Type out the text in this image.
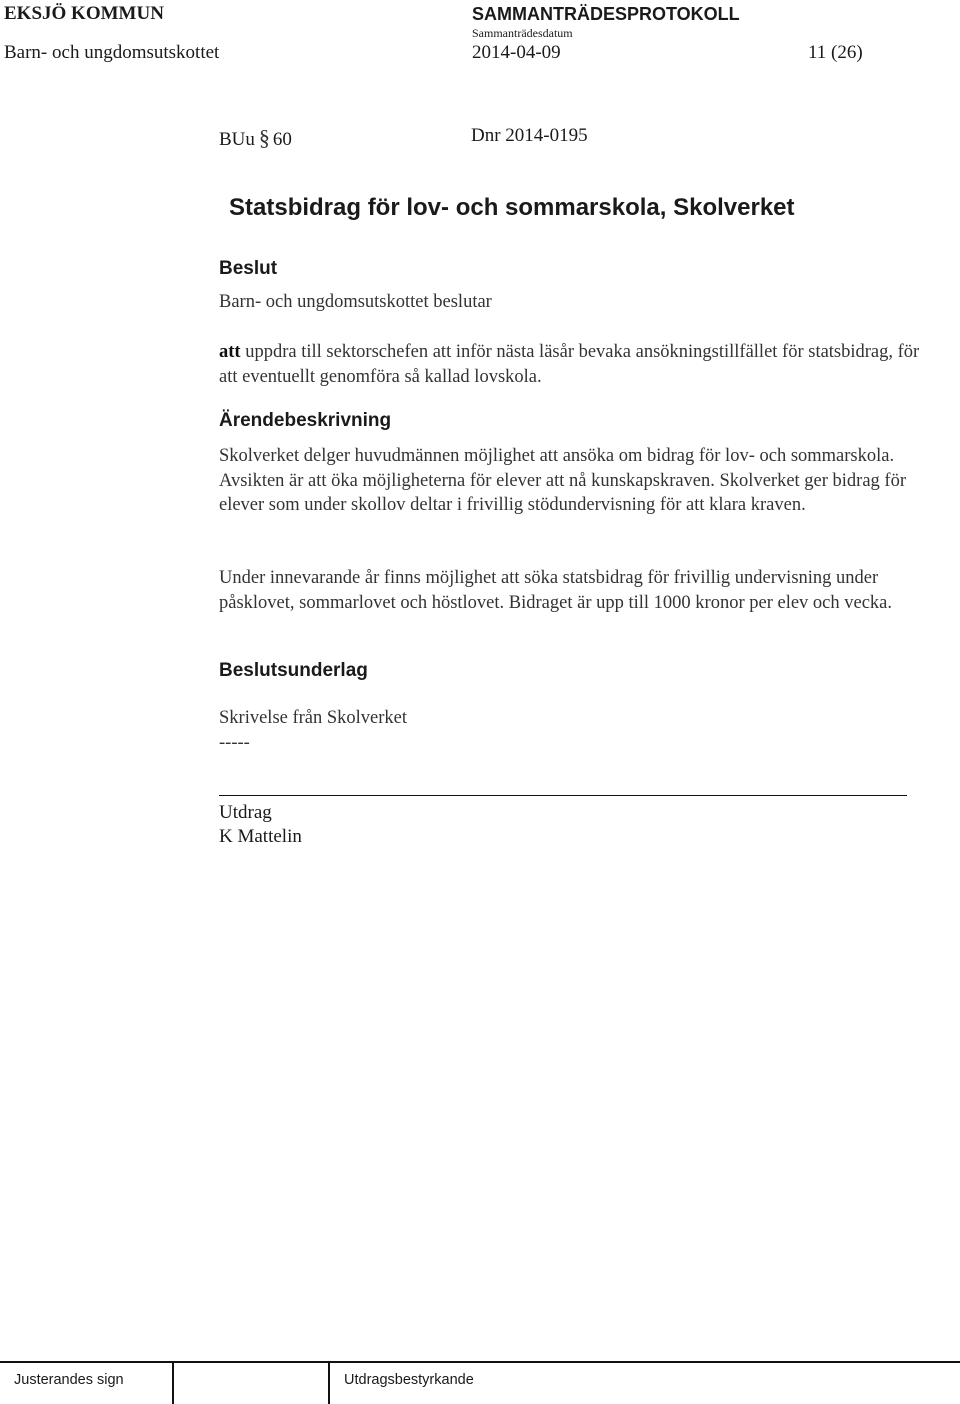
EKSJÖ KOMMUN	SAMMANTRÄDESPROTOKOLL
Sammanträdesdatum
Barn- och ungdomsutskottet	2014-04-09	11 (26)
BUu § 60	Dnr 2014-0195
Statsbidrag för lov- och sommarskola, Skolverket
Beslut
Barn- och ungdomsutskottet beslutar
att uppdra till sektorschefen att inför nästa läsår bevaka ansökningstillfället för statsbidrag, för att eventuellt genomföra så kallad lovskola.
Ärendebeskrivning
Skolverket delger huvudmännen möjlighet att ansöka om bidrag för lov- och sommarskola. Avsikten är att öka möjligheterna för elever att nå kunskapskraven. Skolverket ger bidrag för elever som under skollov deltar i frivillig stödundervisning för att klara kraven.
Under innevarande år finns möjlighet att söka statsbidrag för frivillig undervisning under påsklovet, sommarlovet och höstlovet. Bidraget är upp till 1000 kronor per elev och vecka.
Beslutsunderlag
Skrivelse från Skolverket
-----
Utdrag
K Mattelin
Justerandes sign	Utdragsbestyrkande
